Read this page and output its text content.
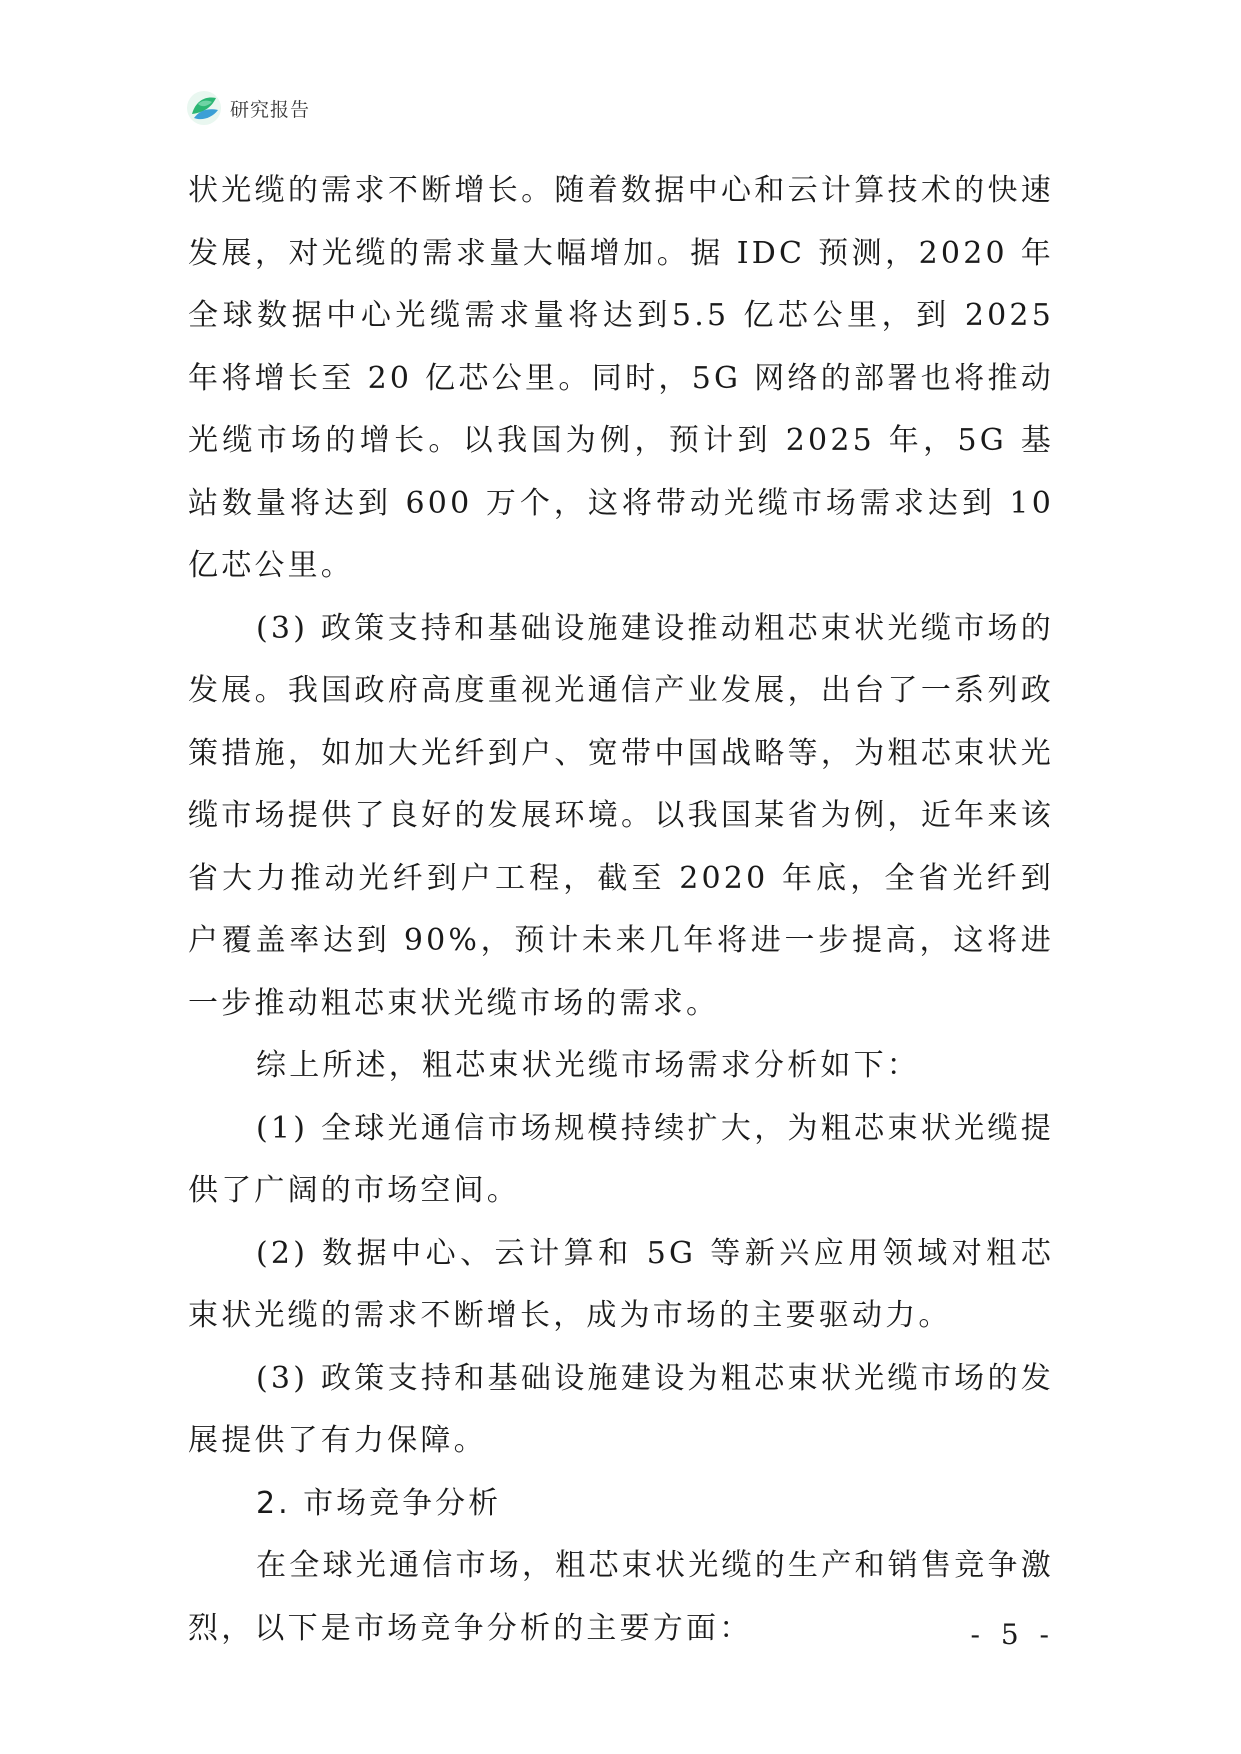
研究报告

状光缆的需求不断增长。随着数据中心和云计算技术的快速发展，对光缆的需求量大幅增加。据 IDC 预测，2020 年全球数据中心光缆需求量将达到5.5 亿芯公里，到 2025 年将增长至 20 亿芯公里。同时，5G 网络的部署也将推动光缆市场的增长。以我国为例，预计到 2025 年，5G 基站数量将达到 600 万个，这将带动光缆市场需求达到 10 亿芯公里。

(3) 政策支持和基础设施建设推动粗芯束状光缆市场的发展。我国政府高度重视光通信产业发展，出台了一系列政策措施，如加大光纤到户、宽带中国战略等，为粗芯束状光缆市场提供了良好的发展环境。以我国某省为例，近年来该省大力推动光纤到户工程，截至 2020 年底，全省光纤到户覆盖率达到 90%，预计未来几年将进一步提高，这将进一步推动粗芯束状光缆市场的需求。

综上所述，粗芯束状光缆市场需求分析如下：

(1) 全球光通信市场规模持续扩大，为粗芯束状光缆提供了广阔的市场空间。

(2) 数据中心、云计算和 5G 等新兴应用领域对粗芯束状光缆的需求不断增长，成为市场的主要驱动力。

(3) 政策支持和基础设施建设为粗芯束状光缆市场的发展提供了有力保障。

2. 市场竞争分析

在全球光通信市场，粗芯束状光缆的生产和销售竞争激烈，以下是市场竞争分析的主要方面：	- 5 -
